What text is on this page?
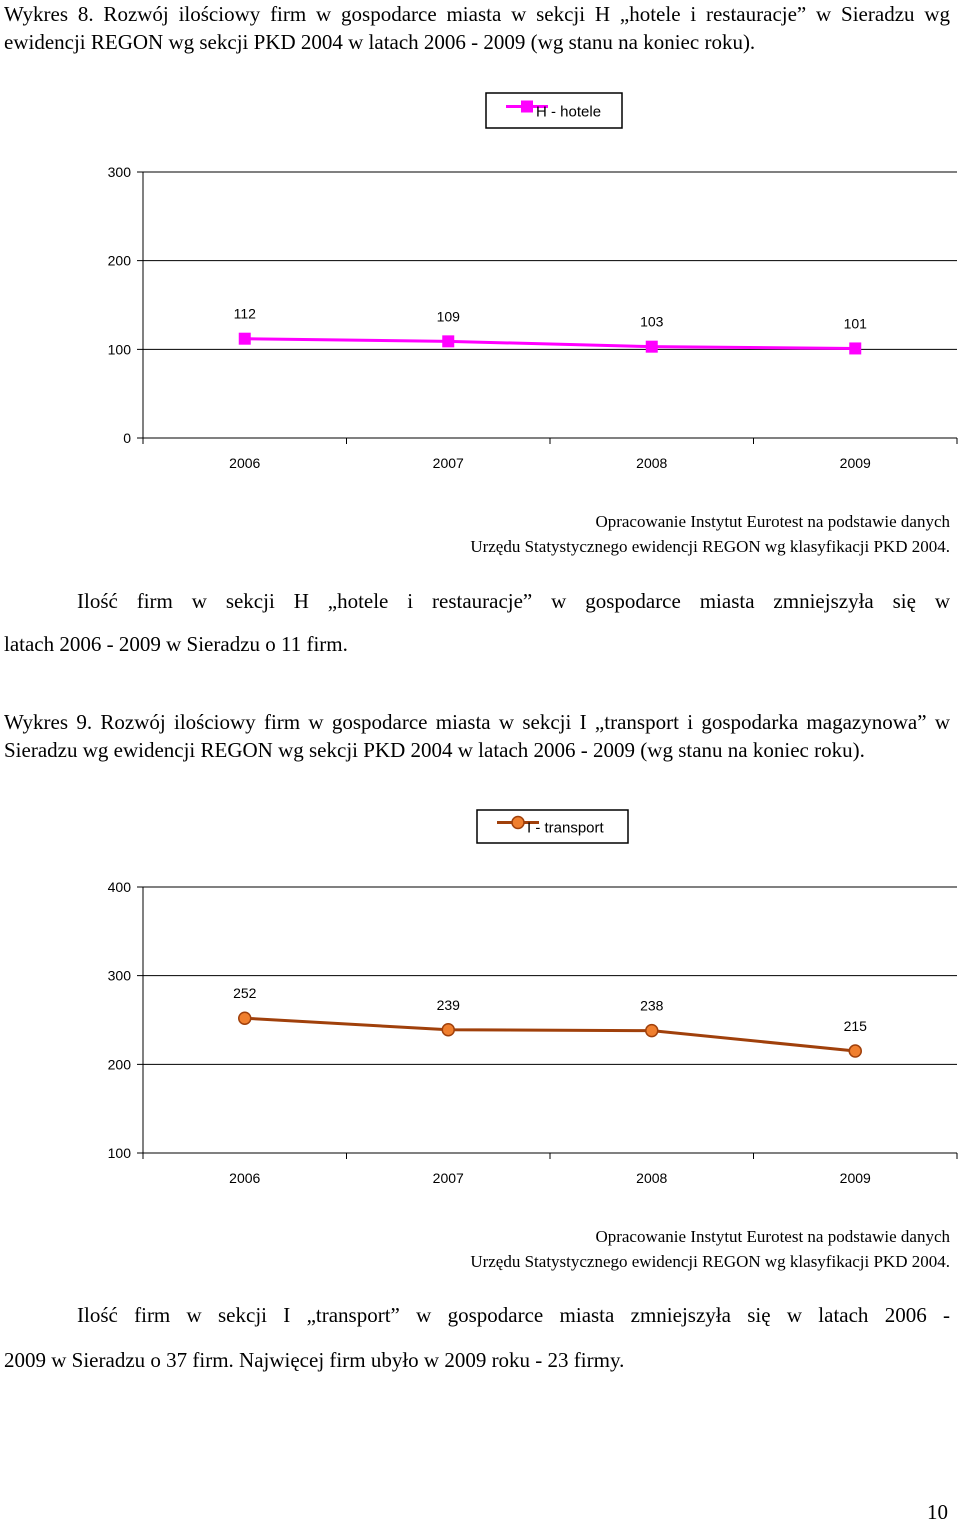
Wykres 8. Rozwój ilościowy firm w gospodarce miasta w sekcji H „hotele i restauracje” w Sieradzu wg ewidencji REGON wg sekcji PKD 2004 w latach 2006 - 2009 (wg stanu na koniec roku).
H - hotele
0
100
200
300
2006	2007	2008	2009
112	109	103	101
Opracowanie Instytut Eurotest na podstawie danych
Urzędu Statystycznego ewidencji REGON wg klasyfikacji PKD 2004.
Ilość firm w sekcji H „hotele i restauracje” w gospodarce miasta zmniejszyła się w
latach 2006 - 2009 w Sieradzu o 11 firm.
Wykres 9. Rozwój ilościowy firm w gospodarce miasta w sekcji I „transport i gospodarka magazynowa” w Sieradzu wg ewidencji REGON wg sekcji PKD 2004 w latach 2006 - 2009 (wg stanu na koniec roku).
I - transport
100
200
300
400
2006	2007	2008	2009
252
239	238
215
Opracowanie Instytut Eurotest na podstawie danych
Urzędu Statystycznego ewidencji REGON wg klasyfikacji PKD 2004.
Ilość firm w sekcji I „transport” w gospodarce miasta zmniejszyła się w latach 2006 -
2009 w Sieradzu o 37 firm. Najwięcej firm ubyło w 2009 roku - 23 firmy.
10
